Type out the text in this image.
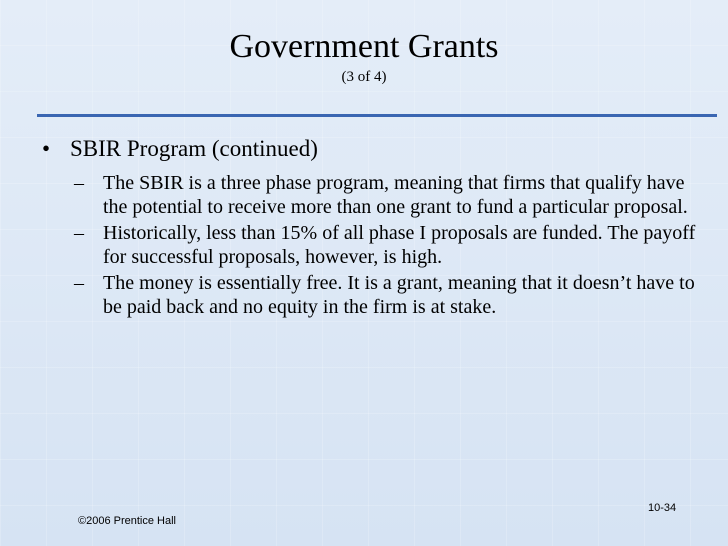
Government Grants
(3 of 4)
• SBIR Program (continued)
– The SBIR is a three phase program, meaning that firms that qualify have the potential to receive more than one grant to fund a particular proposal.
– Historically, less than 15% of all phase I proposals are funded. The payoff for successful proposals, however, is high.
– The money is essentially free. It is a grant, meaning that it doesn’t have to be paid back and no equity in the firm is at stake.
©2006 Prentice Hall
10-34
